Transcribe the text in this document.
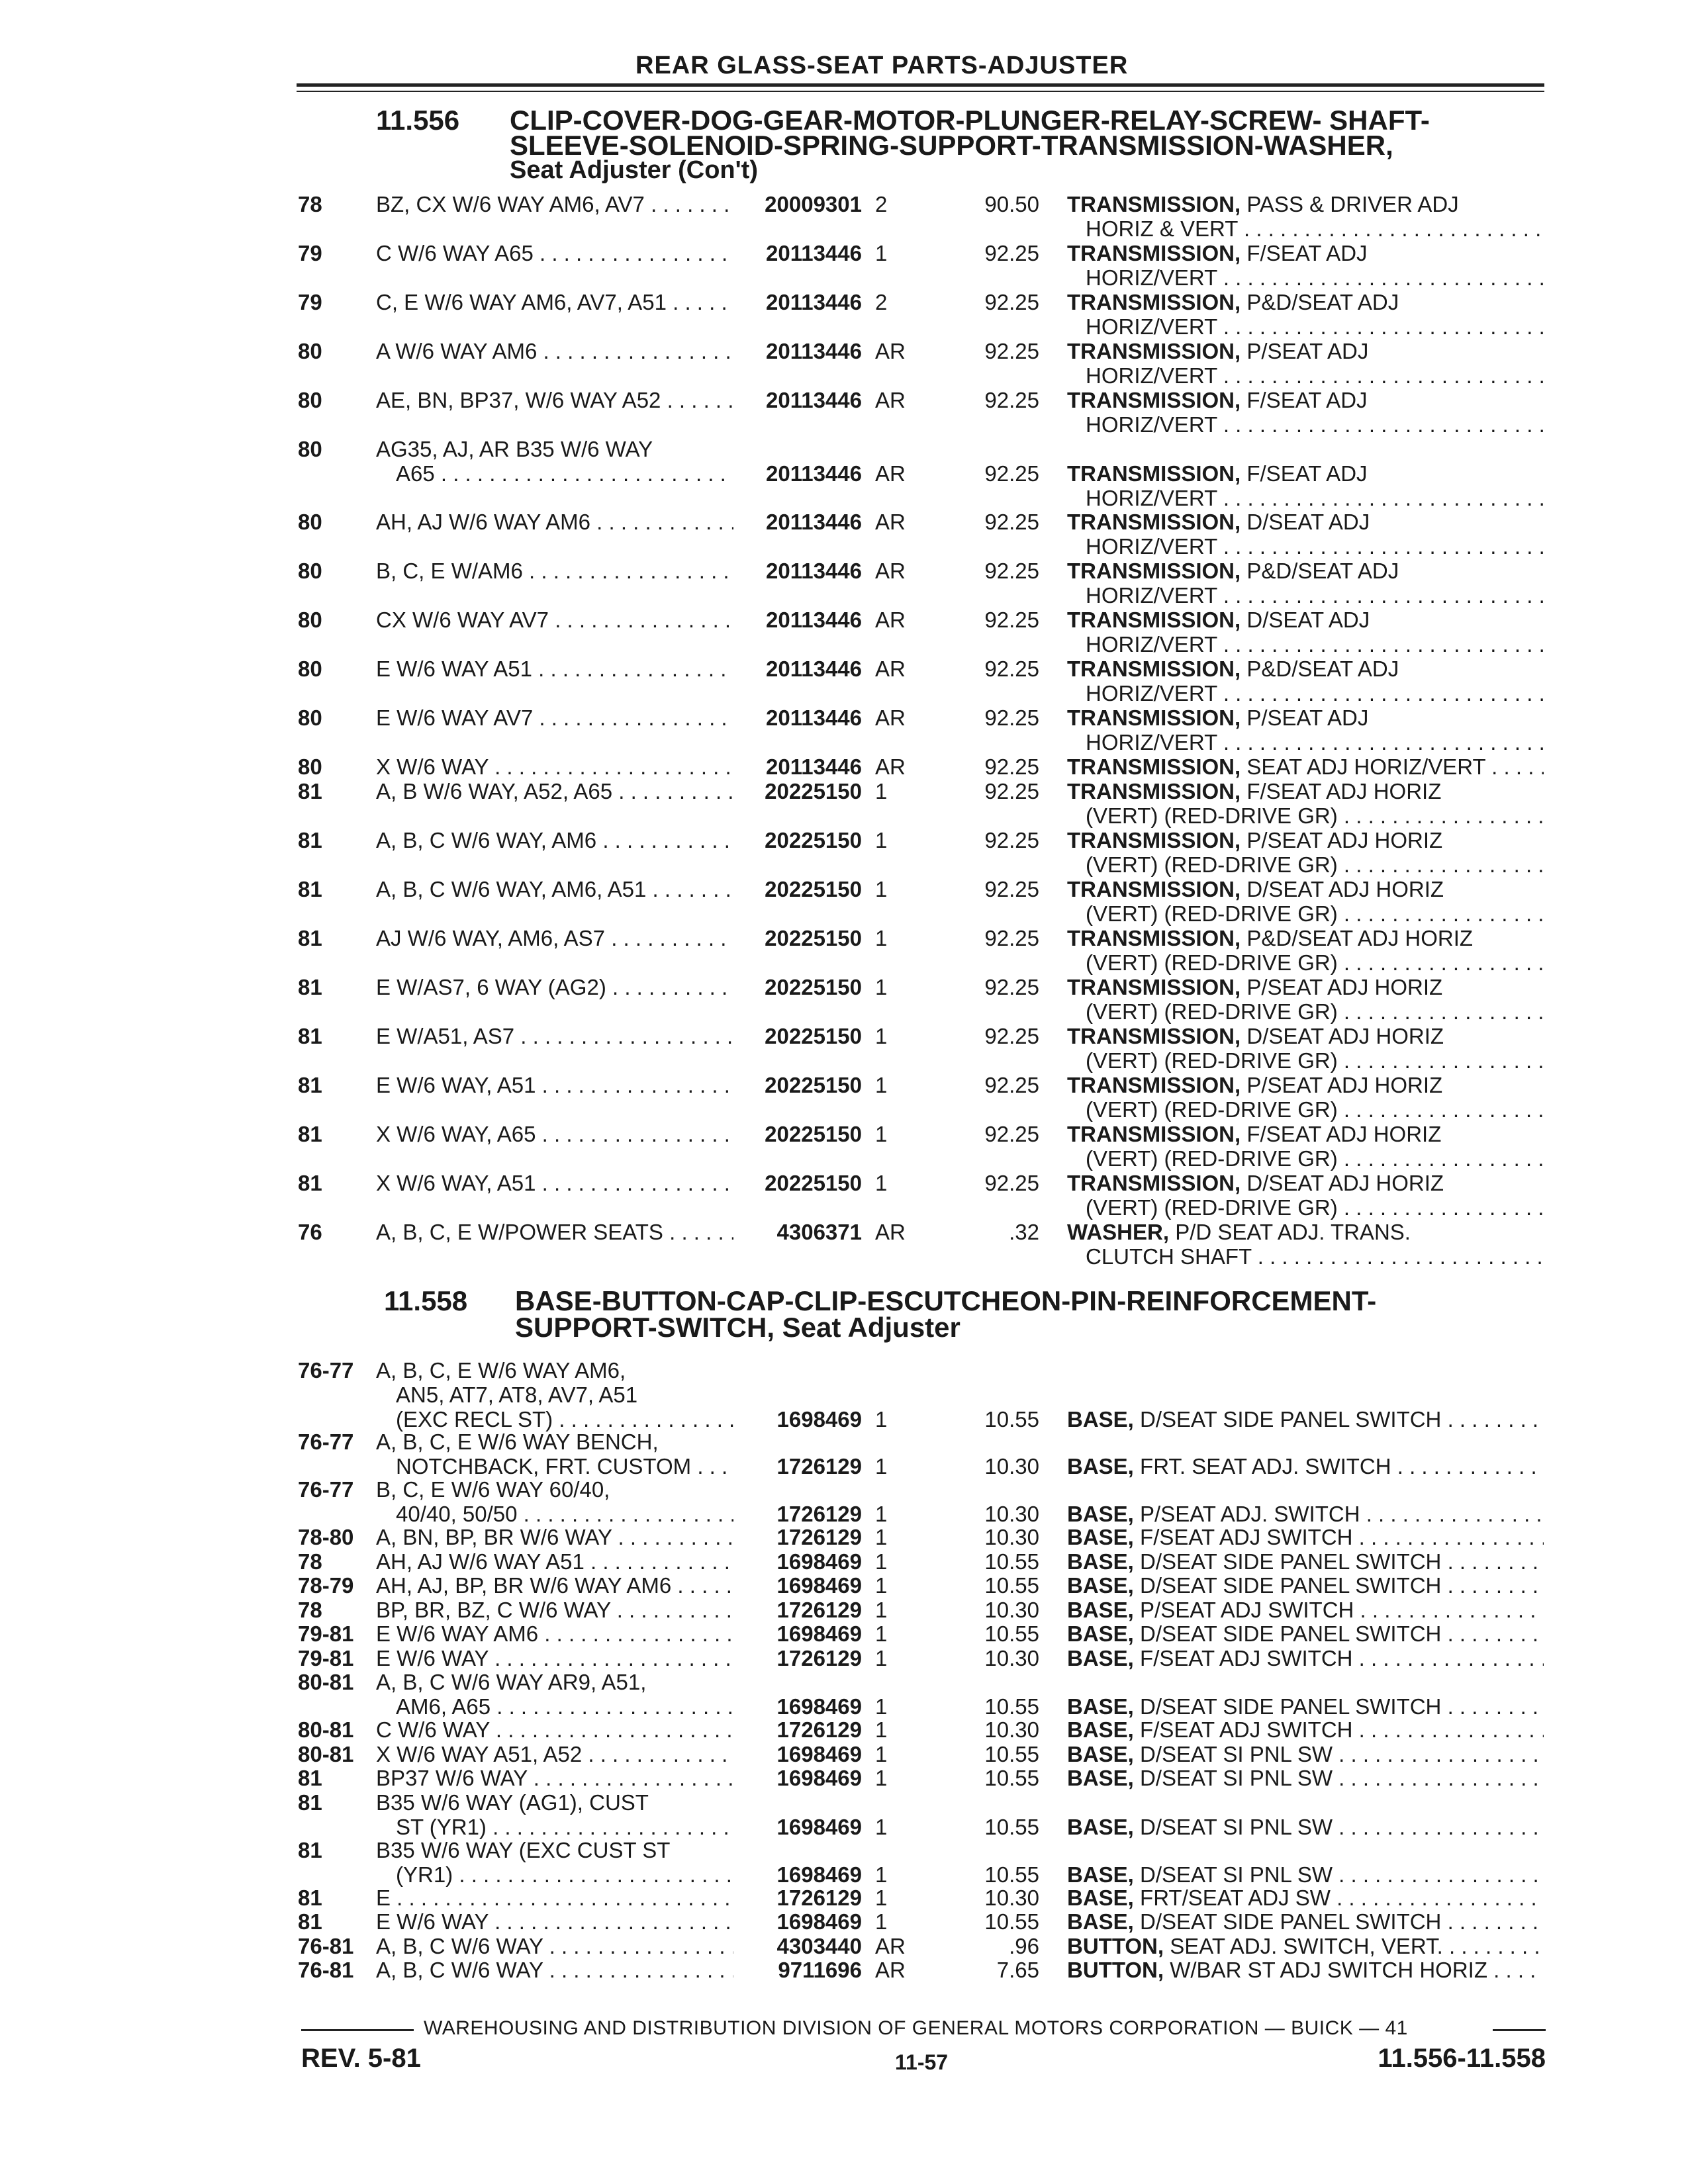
REAR GLASS-SEAT PARTS-ADJUSTER
11.556 CLIP-COVER-DOG-GEAR-MOTOR-PLUNGER-RELAY-SCREW- SHAFT-
SLEEVE-SOLENOID-SPRING-SUPPORT-TRANSMISSION-WASHER,
Seat Adjuster (Con't)
78 BZ, CX W/6 WAY AM6, AV7 . . .	20009301 2	90.50 TRANSMISSION, PASS & DRIVER ADJ
HORIZ & VERT . . .
79 C W/6 WAY A65 . . .	20113446 1	92.25 TRANSMISSION, F/SEAT ADJ
HORIZ/VERT . . .
79 C, E W/6 WAY AM6, AV7, A51 . . .	20113446 2	92.25 TRANSMISSION, P&D/SEAT ADJ
HORIZ/VERT . . .
80 A W/6 WAY AM6 . . .	20113446 AR	92.25 TRANSMISSION, P/SEAT ADJ
HORIZ/VERT . . .
80 AE, BN, BP37, W/6 WAY A52 . . .	20113446 AR	92.25 TRANSMISSION, F/SEAT ADJ
HORIZ/VERT . . .
80 AG35, AJ, AR B35 W/6 WAY
A65 . . .	20113446 AR	92.25 TRANSMISSION, F/SEAT ADJ
HORIZ/VERT . . .
80 AH, AJ W/6 WAY AM6 . . .	20113446 AR	92.25 TRANSMISSION, D/SEAT ADJ
HORIZ/VERT . . .
80 B, C, E W/AM6 . . .	20113446 AR	92.25 TRANSMISSION, P&D/SEAT ADJ
HORIZ/VERT . . .
80 CX W/6 WAY AV7 . . .	20113446 AR	92.25 TRANSMISSION, D/SEAT ADJ
HORIZ/VERT . . .
80 E W/6 WAY A51 . . .	20113446 AR	92.25 TRANSMISSION, P&D/SEAT ADJ
HORIZ/VERT . . .
80 E W/6 WAY AV7 . . .	20113446 AR	92.25 TRANSMISSION, P/SEAT ADJ
HORIZ/VERT . . .
80 X W/6 WAY . . .	20113446 AR	92.25 TRANSMISSION, SEAT ADJ HORIZ/VERT . . .
81 A, B W/6 WAY, A52, A65 . . .	20225150 1	92.25 TRANSMISSION, F/SEAT ADJ HORIZ
(VERT) (RED-DRIVE GR) . . .
81 A, B, C W/6 WAY, AM6 . . .	20225150 1	92.25 TRANSMISSION, P/SEAT ADJ HORIZ
(VERT) (RED-DRIVE GR) . . .
81 A, B, C W/6 WAY, AM6, A51 . . .	20225150 1	92.25 TRANSMISSION, D/SEAT ADJ HORIZ
(VERT) (RED-DRIVE GR) . . .
81 AJ W/6 WAY, AM6, AS7 . . .	20225150 1	92.25 TRANSMISSION, P&D/SEAT ADJ HORIZ
(VERT) (RED-DRIVE GR) . . .
81 E W/AS7, 6 WAY (AG2) . . .	20225150 1	92.25 TRANSMISSION, P/SEAT ADJ HORIZ
(VERT) (RED-DRIVE GR) . . .
81 E W/A51, AS7 . . .	20225150 1	92.25 TRANSMISSION, D/SEAT ADJ HORIZ
(VERT) (RED-DRIVE GR) . . .
81 E W/6 WAY, A51 . . .	20225150 1	92.25 TRANSMISSION, P/SEAT ADJ HORIZ
(VERT) (RED-DRIVE GR) . . .
81 X W/6 WAY, A65 . . .	20225150 1	92.25 TRANSMISSION, F/SEAT ADJ HORIZ
(VERT) (RED-DRIVE GR) . . .
81 X W/6 WAY, A51 . . .	20225150 1	92.25 TRANSMISSION, D/SEAT ADJ HORIZ
(VERT) (RED-DRIVE GR) . . .
76 A, B, C, E W/POWER SEATS . . .	4306371 AR	.32 WASHER, P/D SEAT ADJ. TRANS.
CLUTCH SHAFT . . .
11.558 BASE-BUTTON-CAP-CLIP-ESCUTCHEON-PIN-REINFORCEMENT-
SUPPORT-SWITCH, Seat Adjuster
76-77 A, B, C, E W/6 WAY AM6,
AN5, AT7, AT8, AV7, A51
(EXC RECL ST) . . .	1698469 1	10.55 BASE, D/SEAT SIDE PANEL SWITCH . . .
76-77 A, B, C, E W/6 WAY BENCH,
NOTCHBACK, FRT. CUSTOM . . .	1726129 1	10.30 BASE, FRT. SEAT ADJ. SWITCH . . .
76-77 B, C, E W/6 WAY 60/40,
40/40, 50/50 . . .	1726129 1	10.30 BASE, P/SEAT ADJ. SWITCH . . .
78-80 A, BN, BP, BR W/6 WAY . . .	1726129 1	10.30 BASE, F/SEAT ADJ SWITCH . . .
78 AH, AJ W/6 WAY A51 . . .	1698469 1	10.55 BASE, D/SEAT SIDE PANEL SWITCH . . .
78-79 AH, AJ, BP, BR W/6 WAY AM6 . . .	1698469 1	10.55 BASE, D/SEAT SIDE PANEL SWITCH . . .
78 BP, BR, BZ, C W/6 WAY . . .	1726129 1	10.30 BASE, P/SEAT ADJ SWITCH . . .
79-81 E W/6 WAY AM6 . . .	1698469 1	10.55 BASE, D/SEAT SIDE PANEL SWITCH . . .
79-81 E W/6 WAY . . .	1726129 1	10.30 BASE, F/SEAT ADJ SWITCH . . .
80-81 A, B, C W/6 WAY AR9, A51,
AM6, A65 . . .	1698469 1	10.55 BASE, D/SEAT SIDE PANEL SWITCH . . .
80-81 C W/6 WAY . . .	1726129 1	10.30 BASE, F/SEAT ADJ SWITCH . . .
80-81 X W/6 WAY A51, A52 . . .	1698469 1	10.55 BASE, D/SEAT SI PNL SW . . .
81 BP37 W/6 WAY . . .	1698469 1	10.55 BASE, D/SEAT SI PNL SW . . .
81 B35 W/6 WAY (AG1), CUST
ST (YR1) . . .	1698469 1	10.55 BASE, D/SEAT SI PNL SW . . .
81 B35 W/6 WAY (EXC CUST ST
(YR1) . . .	1698469 1	10.55 BASE, D/SEAT SI PNL SW . . .
81 E . . .	1726129 1	10.30 BASE, FRT/SEAT ADJ SW . . .
81 E W/6 WAY . . .	1698469 1	10.55 BASE, D/SEAT SIDE PANEL SWITCH . . .
76-81 A, B, C W/6 WAY . . .	4303440 AR	.96 BUTTON, SEAT ADJ. SWITCH, VERT. . . .
76-81 A, B, C W/6 WAY . . .	9711696 AR	7.65 BUTTON, W/BAR ST ADJ SWITCH HORIZ . . .
WAREHOUSING AND DISTRIBUTION DIVISION OF GENERAL MOTORS CORPORATION — BUICK — 41
REV. 5-81	11-57	11.556-11.558
